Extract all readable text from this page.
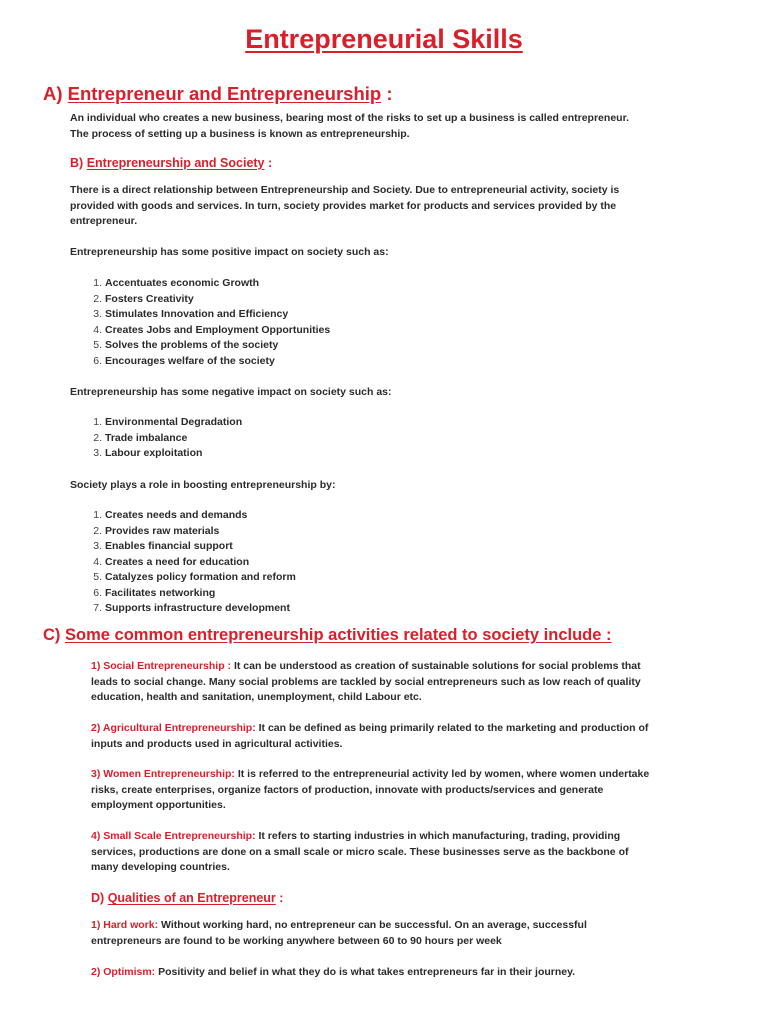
Entrepreneurial Skills
A) Entrepreneur and Entrepreneurship :

An individual who creates a new business, bearing most of the risks to set up a business is called entrepreneur. The process of setting up a business is known as entrepreneurship.

B) Entrepreneurship and Society :

There is a direct relationship between Entrepreneurship and Society. Due to entrepreneurial activity, society is provided with goods and services. In turn, society provides market for products and services provided by the entrepreneur.

Entrepreneurship has some positive impact on society such as:

1. Accentuates economic Growth
2. Fosters Creativity
3. Stimulates Innovation and Efficiency
4. Creates Jobs and Employment Opportunities
5. Solves the problems of the society
6. Encourages welfare of the society

Entrepreneurship has some negative impact on society such as:

1. Environmental Degradation
2. Trade imbalance
3. Labour exploitation

Society plays a role in boosting entrepreneurship by:

1. Creates needs and demands
2. Provides raw materials
3. Enables financial support
4. Creates a need for education
5. Catalyzes policy formation and reform
6. Facilitates networking
7. Supports infrastructure development
C) Some common entrepreneurship activities related to society include :

1) Social Entrepreneurship : It can be understood as creation of sustainable solutions for social problems that leads to social change. Many social problems are tackled by social entrepreneurs such as low reach of quality education, health and sanitation, unemployment, child Labour etc.

2) Agricultural Entrepreneurship: It can be defined as being primarily related to the marketing and production of inputs and products used in agricultural activities.

3) Women Entrepreneurship: It is referred to the entrepreneurial activity led by women, where women undertake risks, create enterprises, organize factors of production, innovate with products/services and generate employment opportunities.

4) Small Scale Entrepreneurship: It refers to starting industries in which manufacturing, trading, providing services, productions are done on a small scale or micro scale. These businesses serve as the backbone of many developing countries.

D) Qualities of an Entrepreneur :

1) Hard work: Without working hard, no entrepreneur can be successful. On an average, successful entrepreneurs are found to be working anywhere between 60 to 90 hours per week

2) Optimism: Positivity and belief in what they do is what takes entrepreneurs far in their journey.
